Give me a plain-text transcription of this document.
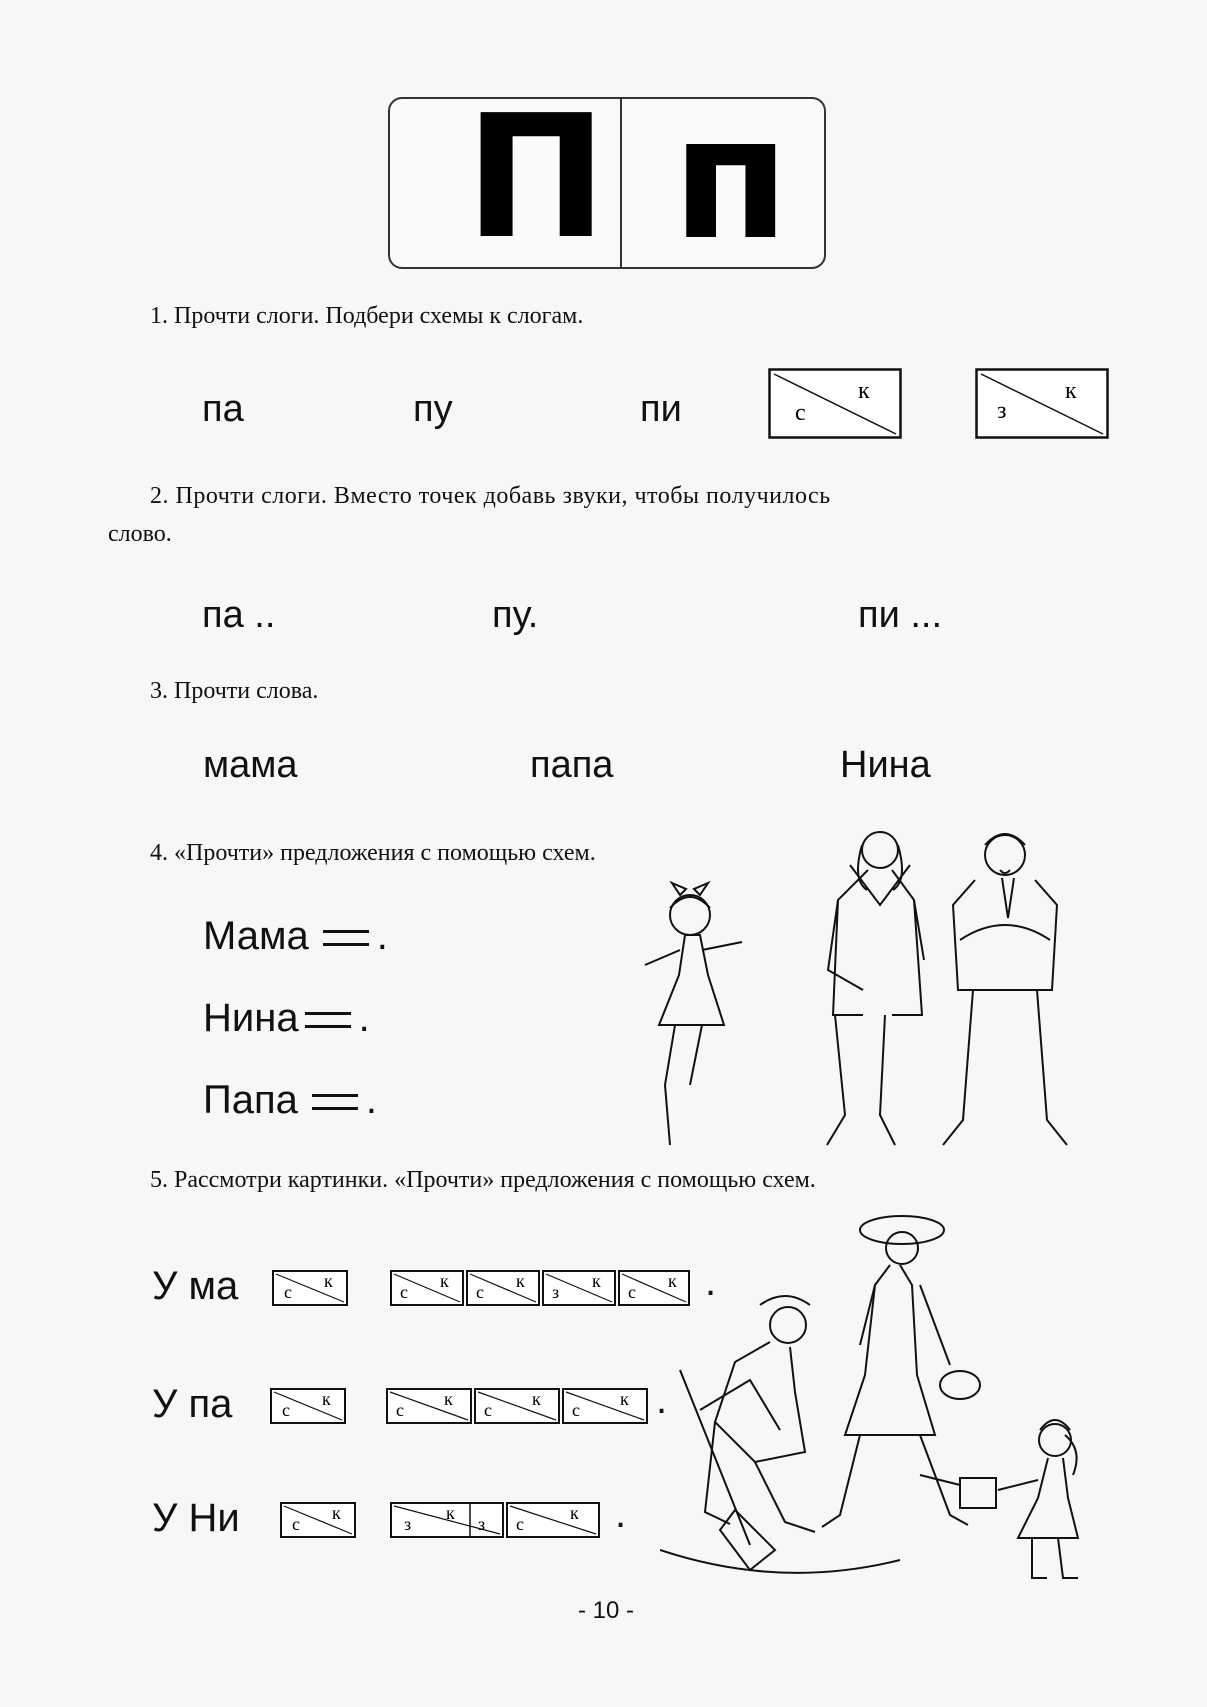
П п
1. Прочти слоги. Подбери схемы к слогам.
па	пу	пи	с
к
з
к
2. Прочти слоги. Вместо точек добавь звуки, чтобы получилось
слово.
па ..	пу.	пи ...
3. Прочти слова.
мама	папа	Нина
4. «Прочти» предложения с помощью схем.
Мама .
Нина .
Папа .
5. Рассмотри картинки. «Прочти» предложения с помощью схем.
У ма	с
к
с
к
с
к
з
к
с
к .
У па	с
к
с
к
с
к
с
к .
У Ни	с
к
з
к
з с
к .
- 10 -
